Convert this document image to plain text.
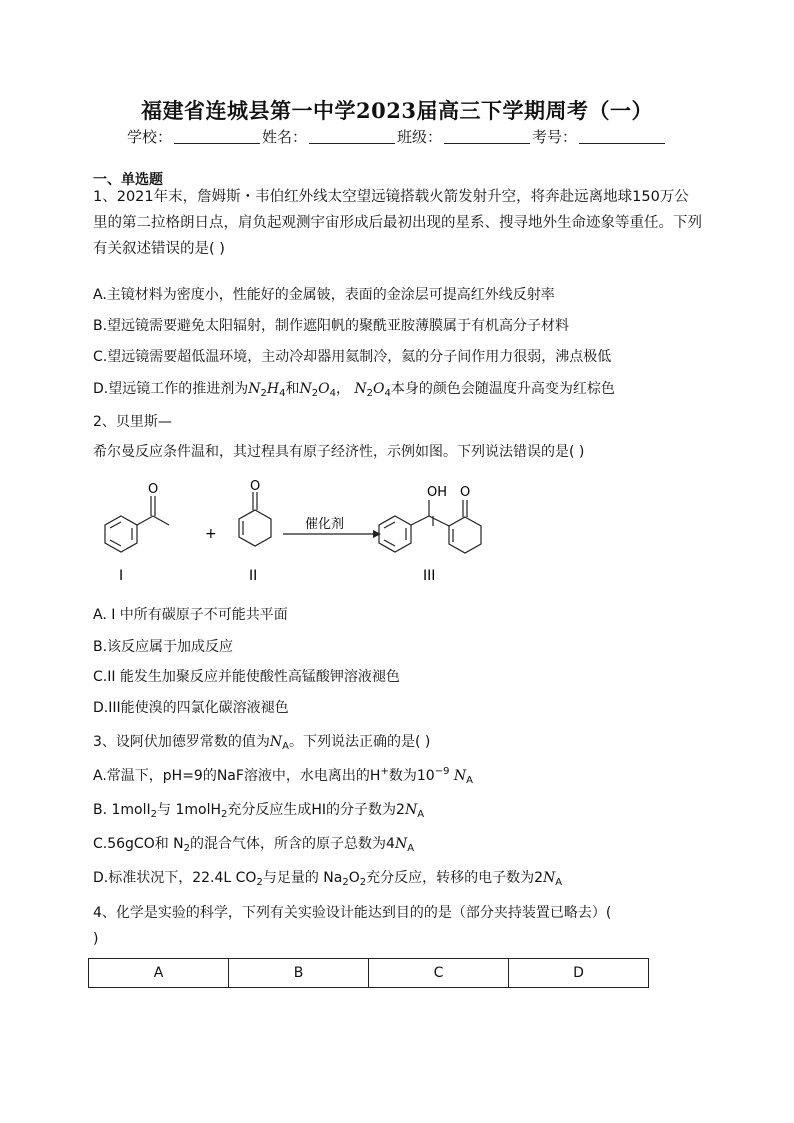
福建省连城县第一中学2023届高三下学期周考（一）
学校：	姓名：	班级：	考号：
一、单选题
1、2021年末，詹姆斯・韦伯红外线太空望远镜搭载火箭发射升空，将奔赴远离地球150万公里的第二拉格朗日点，肩负起观测宇宙形成后最初出现的星系、搜寻地外生命迹象等重任。下列有关叙述错误的是( )
A.主镜材料为密度小，性能好的金属铍，表面的金涂层可提高红外线反射率
B.望远镜需要避免太阳辐射，制作遮阳帆的聚酰亚胺薄膜属于有机高分子材料
C.望远镜需要超低温环境，主动冷却器用氦制冷，氦的分子间作用力很弱，沸点极低
D.望远镜工作的推进剂为$N_2H_4$和$N_2O_4$， $N_2O_4$本身的颜色会随温度升高变为红棕色
2、贝里斯—
希尔曼反应条件温和，其过程具有原子经济性，示例如图。下列说法错误的是( )
O	O	OH O
+
催化剂
I	II	III
A. I 中所有碳原子不可能共平面
B.该反应属于加成反应
C.II 能发生加聚反应并能使酸性高锰酸钾溶液褪色
D.III能使溴的四氯化碳溶液褪色
3、设阿伏加德罗常数的值为$N_A$。下列说法正确的是( )
A.常温下，pH=9的NaF溶液中，水电离出的H+数为$10^{-9}$ $N_A$
B. 1molI$_2$与 1molH$_2$充分反应生成HI的分子数为$2N_A$
C.56gCO和 $N_2$的混合气体，所含的原子总数为$4N_A$
D.标准状况下，22.4L $CO_2$与足量的 $Na_2O_2$充分反应，转移的电子数为$2N_A$
4、化学是实验的科学，下列有关实验设计能达到目的的是（部分夹持装置已略去）(
)
A	B	C	D
